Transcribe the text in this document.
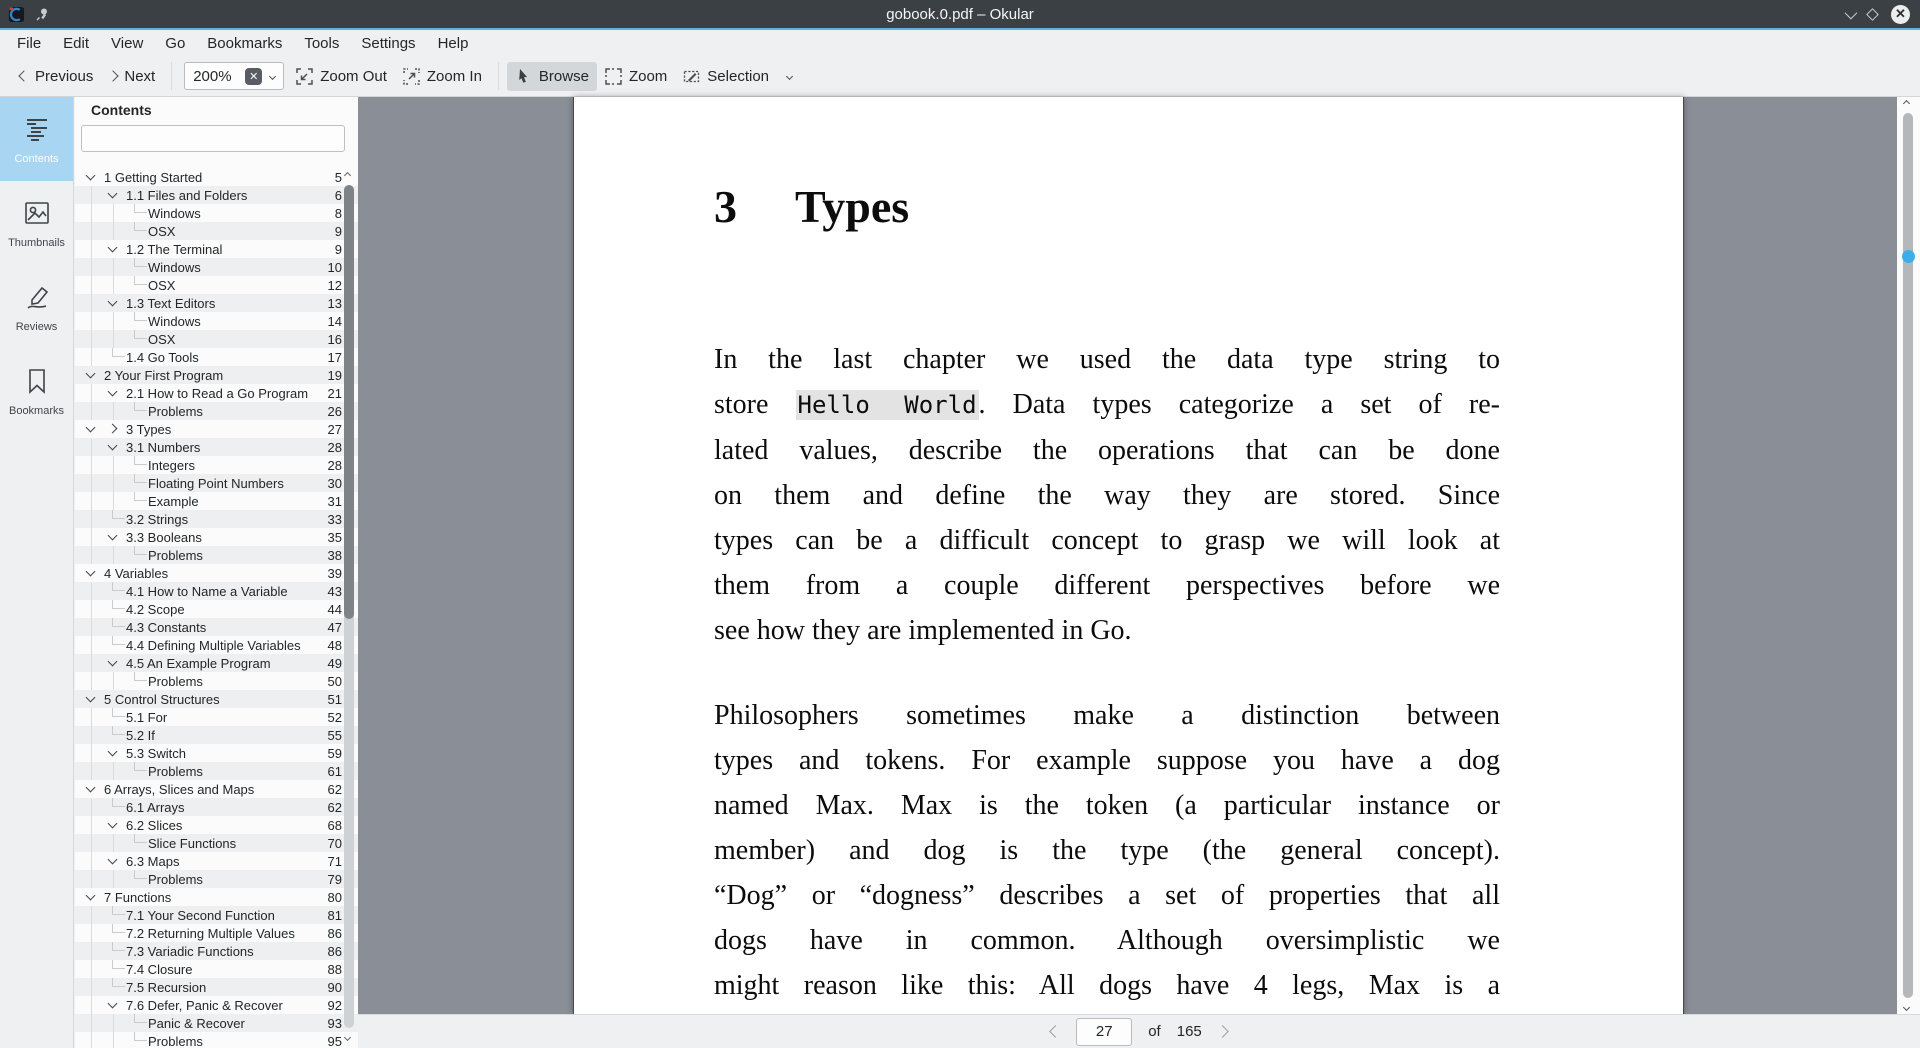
gobook.0.pdf – Okular	✕
File	Edit	View	Go	Bookmarks	Tools	Settings	Help
Previous Next	200%	✕	Zoom Out	Zoom In	Browse	Zoom	Selection
Contents
Thumbnails
Reviews
Bookmarks
Contents
1 Getting Started	5
1.1 Files and Folders	6
Windows	8
OSX	9
1.2 The Terminal	9
Windows	10
OSX	12
1.3 Text Editors	13
Windows	14
OSX	16
1.4 Go Tools	17
2 Your First Program	19
2.1 How to Read a Go Program 21
Problems	26
3 Types	27
3.1 Numbers	28
Integers	28
Floating Point Numbers	30
Example	31
3.2 Strings	33
3.3 Booleans	35
Problems	38
4 Variables	39
4.1 How to Name a Variable	43
4.2 Scope	44
4.3 Constants	47
4.4 Defining Multiple Variables 48
4.5 An Example Program	49
Problems	50
5 Control Structures	51
5.1 For	52
5.2 If	55
5.3 Switch	59
Problems	61
6 Arrays, Slices and Maps	62
6.1 Arrays	62
6.2 Slices	68
Slice Functions	70
6.3 Maps	71
Problems	79
7 Functions	80
7.1 Your Second Function	81
7.2 Returning Multiple Values	86
7.3 Variadic Functions	86
7.4 Closure	88
7.5 Recursion	90
7.6 Defer, Panic & Recover	92
Panic & Recover	93
Problems	95
3 Types
In the last chapter we used the data type string to
store Hello World. Data types categorize a set of re-
lated values, describe the operations that can be done
on them and define the way they are stored. Since
types can be a difficult concept to grasp we will look at
them from a couple different perspectives before we
see how they are implemented in Go.
Philosophers sometimes make a distinction between
types and tokens. For example suppose you have a dog
named Max. Max is the token (a particular instance or
member) and dog is the type (the general concept).
“Dog” or “dogness” describes a set of properties that all
dogs have in common. Although oversimplistic we
might reason like this: All dogs have 4 legs, Max is a
27
of 165
